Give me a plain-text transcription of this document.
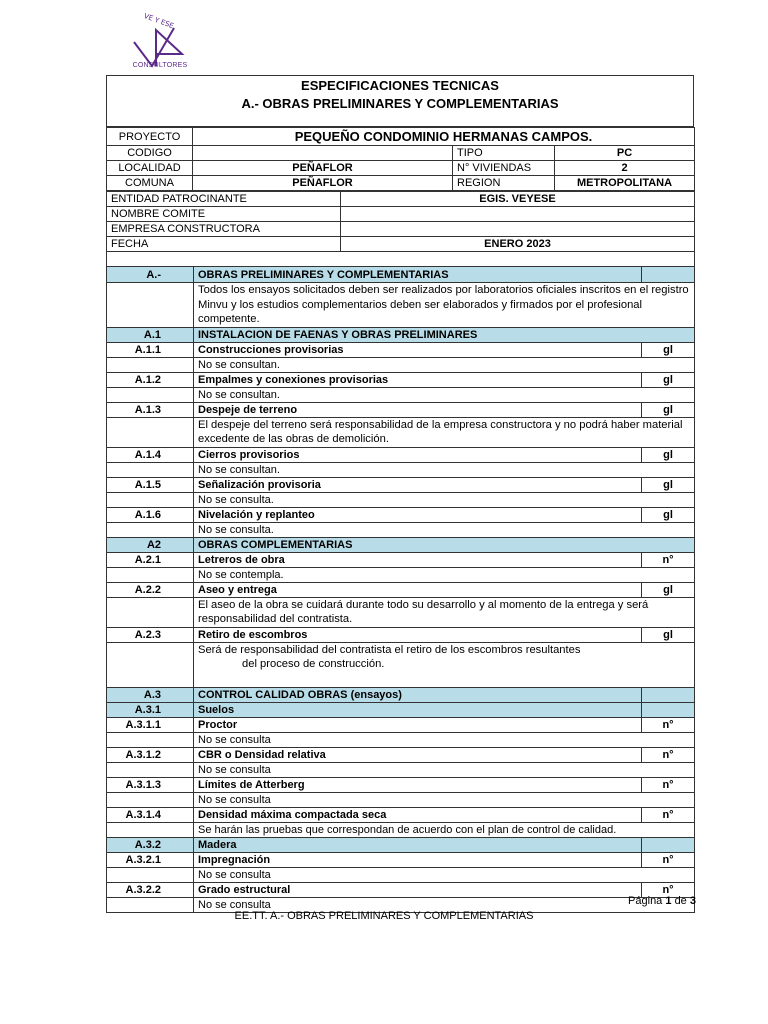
VE Y ESE
CONSULTORES
ESPECIFICACIONES TECNICAS
A.- OBRAS PRELIMINARES Y COMPLEMENTARIAS
PROYECTO	PEQUEÑO CONDOMINIO HERMANAS CAMPOS.		
CODIGO		TIPO	PC
LOCALIDAD	PEÑAFLOR	N° VIVIENDAS	2
COMUNA	PEÑAFLOR	REGION	METROPOLITANA
ENTIDAD PATROCINANTE	EGIS. VEYESE
NOMBRE COMITE	
EMPRESA CONSTRUCTORA	
FECHA	ENERO 2023

A.-	OBRAS PRELIMINARES Y COMPLEMENTARIAS	
	Todos los ensayos solicitados deben ser realizados por laboratorios oficiales inscritos en el registro Minvu y los estudios complementarios deben ser elaborados y firmados por el profesional competente.	
A.1	INSTALACION DE FAENAS Y OBRAS PRELIMINARES	
A.1.1	Construcciones provisorias	gl
	No se consultan.	
A.1.2	Empalmes y conexiones provisorias	gl
	No se consultan.	
A.1.3	Despeje de terreno	gl
	El despeje del terreno será responsabilidad de la empresa constructora y no podrá haber material excedente de las obras de demolición.	
A.1.4	Cierros provisorios	gl
	No se consultan.	
A.1.5	Señalización provisoria	gl
	No se consulta.	
A.1.6	Nivelación y replanteo	gl
	No se consulta.	
A2	OBRAS COMPLEMENTARIAS	
A.2.1	Letreros de obra	n°
	No se contempla.	
A.2.2	Aseo y entrega	gl
	El aseo de la obra se cuidará durante todo su desarrollo y al momento de la entrega y será responsabilidad del contratista.	
A.2.3	Retiro de escombros	gl

	Será de responsabilidad del contratista el retiro de los escombros resultantes
del proceso de construcción.	

A.3	CONTROL CALIDAD OBRAS (ensayos)	
A.3.1	Suelos	
A.3.1.1	Proctor	n°
	No se consulta	
A.3.1.2	CBR o Densidad relativa	n°
	No se consulta	
A.3.1.3	Límites de Atterberg	n°
	No se consulta	
A.3.1.4	Densidad máxima compactada seca	n°
	Se harán las pruebas que correspondan de acuerdo con el plan de control de calidad.	
A.3.2	Madera	
A.3.2.1	Impregnación	n°
	No se consulta	
A.3.2.2	Grado estructural	n°
	No se consulta		Página 1 de 3
EE.TT. A.- OBRAS PRELIMINARES Y COMPLEMENTARIAS
